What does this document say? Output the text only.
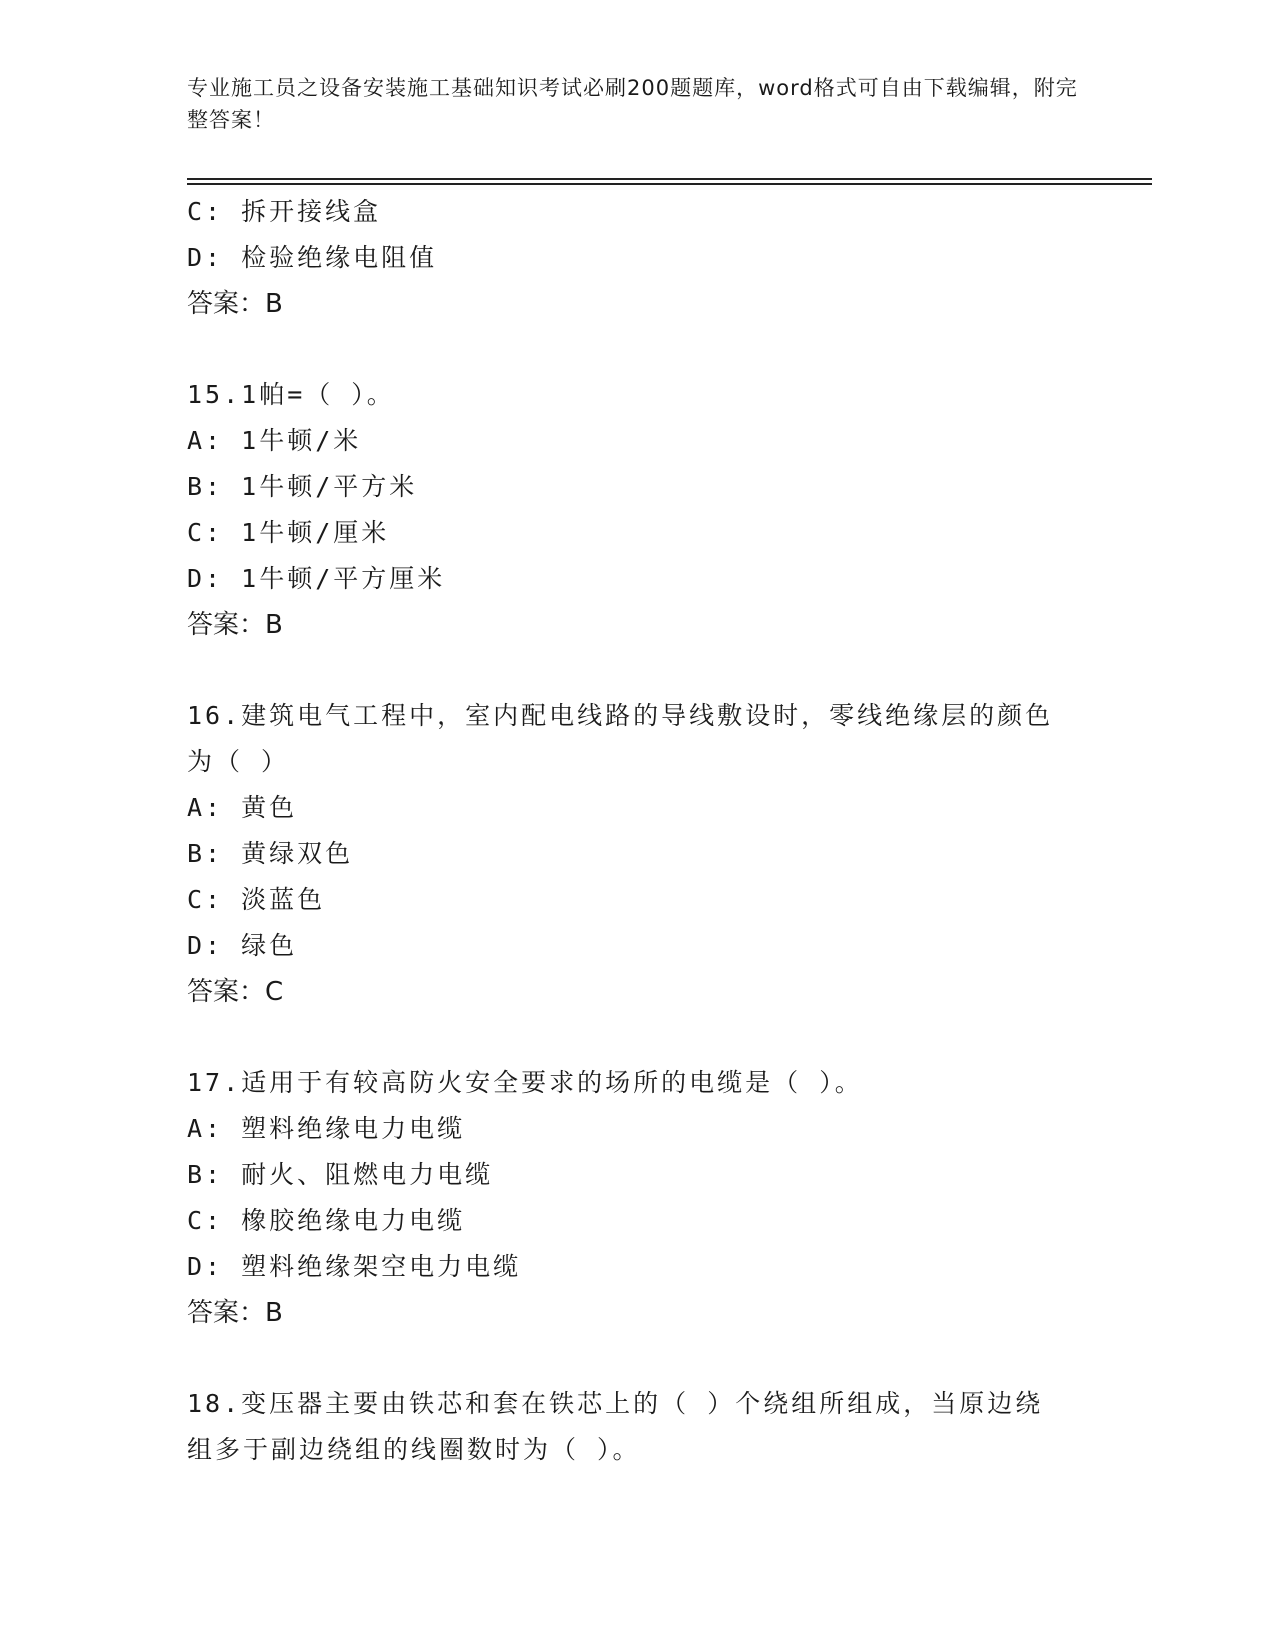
专业施工员之设备安装施工基础知识考试必刷200题题库，word格式可自由下载编辑，附完整答案！
C: 拆开接线盒
D: 检验绝缘电阻值
答案：B
15.1帕=（ ）。
A: 1牛顿/米
B: 1牛顿/平方米
C: 1牛顿/厘米
D: 1牛顿/平方厘米
答案：B
16.建筑电气工程中，室内配电线路的导线敷设时，零线绝缘层的颜色
为（ ）
A: 黄色
B: 黄绿双色
C: 淡蓝色
D: 绿色
答案：C
17.适用于有较高防火安全要求的场所的电缆是（ ）。
A: 塑料绝缘电力电缆
B: 耐火、阻燃电力电缆
C: 橡胶绝缘电力电缆
D: 塑料绝缘架空电力电缆
答案：B
18.变压器主要由铁芯和套在铁芯上的（ ）个绕组所组成，当原边绕
组多于副边绕组的线圈数时为（ ）。
